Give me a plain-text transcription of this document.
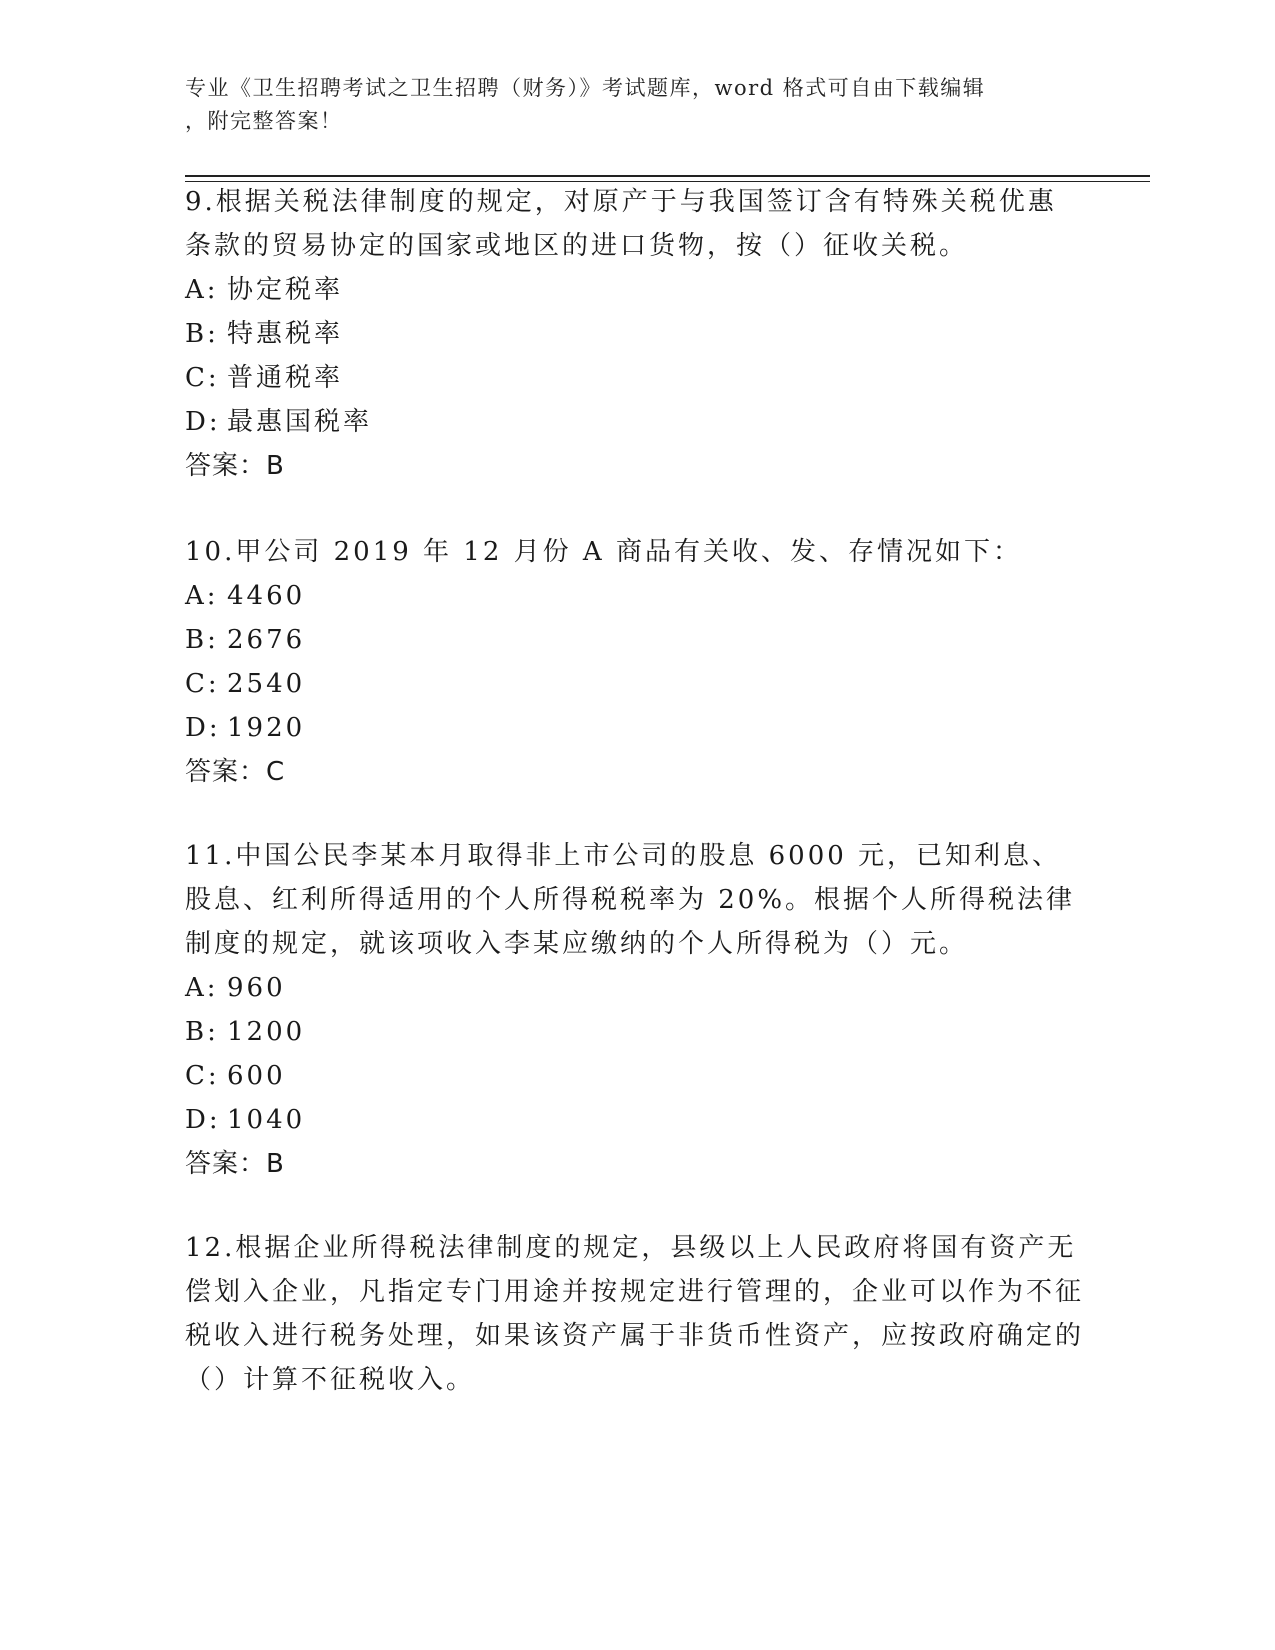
专业《卫生招聘考试之卫生招聘（财务）》考试题库，word 格式可自由下载编辑
，附完整答案！

9.根据关税法律制度的规定，对原产于与我国签订含有特殊关税优惠条款的贸易协定的国家或地区的进口货物，按（）征收关税。

A: 协定税率

B: 特惠税率

C: 普通税率

D: 最惠国税率

答案：B

10.甲公司 2019 年 12 月份 A 商品有关收、发、存情况如下：

A: 4460

B: 2676

C: 2540

D: 1920

答案：C

11.中国公民李某本月取得非上市公司的股息 6000 元，已知利息、股息、红利所得适用的个人所得税税率为 20%。根据个人所得税法律制度的规定，就该项收入李某应缴纳的个人所得税为（）元。

A: 960

B: 1200

C: 600

D: 1040

答案：B

12.根据企业所得税法律制度的规定，县级以上人民政府将国有资产无偿划入企业，凡指定专门用途并按规定进行管理的，企业可以作为不征税收入进行税务处理，如果该资产属于非货币性资产，应按政府确定的（）计算不征税收入。
